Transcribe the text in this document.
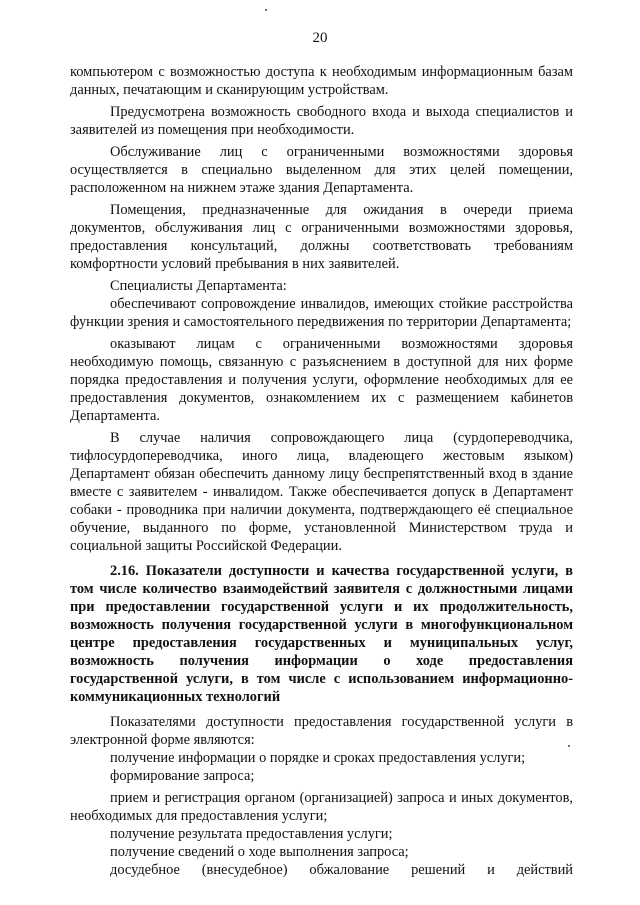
20

компьютером с возможностью доступа к необходимым информационным базам данных, печатающим и сканирующим устройствам.

Предусмотрена возможность свободного входа и выхода специалистов и заявителей из помещения при необходимости.

Обслуживание лиц с ограниченными возможностями здоровья осуществляется в специально выделенном для этих целей помещении, расположенном на нижнем этаже здания Департамента.

Помещения, предназначенные для ожидания в очереди приема документов, обслуживания лиц с ограниченными возможностями здоровья, предоставления консультаций, должны соответствовать требованиям комфортности условий пребывания в них заявителей.

Специалисты Департамента:

обеспечивают сопровождение инвалидов, имеющих стойкие расстройства функции зрения и самостоятельного передвижения по территории Департамента;

оказывают лицам с ограниченными возможностями здоровья необходимую помощь, связанную с разъяснением в доступной для них форме порядка предоставления и получения услуги, оформление необходимых для ее предоставления документов, ознакомлением их с размещением кабинетов Департамента.

В случае наличия сопровождающего лица (сурдопереводчика, тифлосурдопереводчика, иного лица, владеющего жестовым языком) Департамент обязан обеспечить данному лицу беспрепятственный вход в здание вместе с заявителем - инвалидом. Также обеспечивается допуск в Департамент собаки - проводника при наличии документа, подтверждающего её специальное обучение, выданного по форме, установленной Министерством труда и социальной защиты Российской Федерации.

2.16. Показатели доступности и качества государственной услуги, в том числе количество взаимодействий заявителя с должностными лицами при предоставлении государственной услуги и их продолжительность, возможность получения государственной услуги в многофункциональном центре предоставления государственных и муниципальных услуг, возможность получения информации о ходе предоставления государственной услуги, в том числе с использованием информационно-коммуникационных технологий

Показателями доступности предоставления государственной услуги в электронной форме являются:

получение информации о порядке и сроках предоставления услуги;

формирование запроса;

прием и регистрация органом (организацией) запроса и иных документов, необходимых для предоставления услуги;

получение результата предоставления услуги;

получение сведений о ходе выполнения запроса;

досудебное (внесудебное) обжалование решений и действий
